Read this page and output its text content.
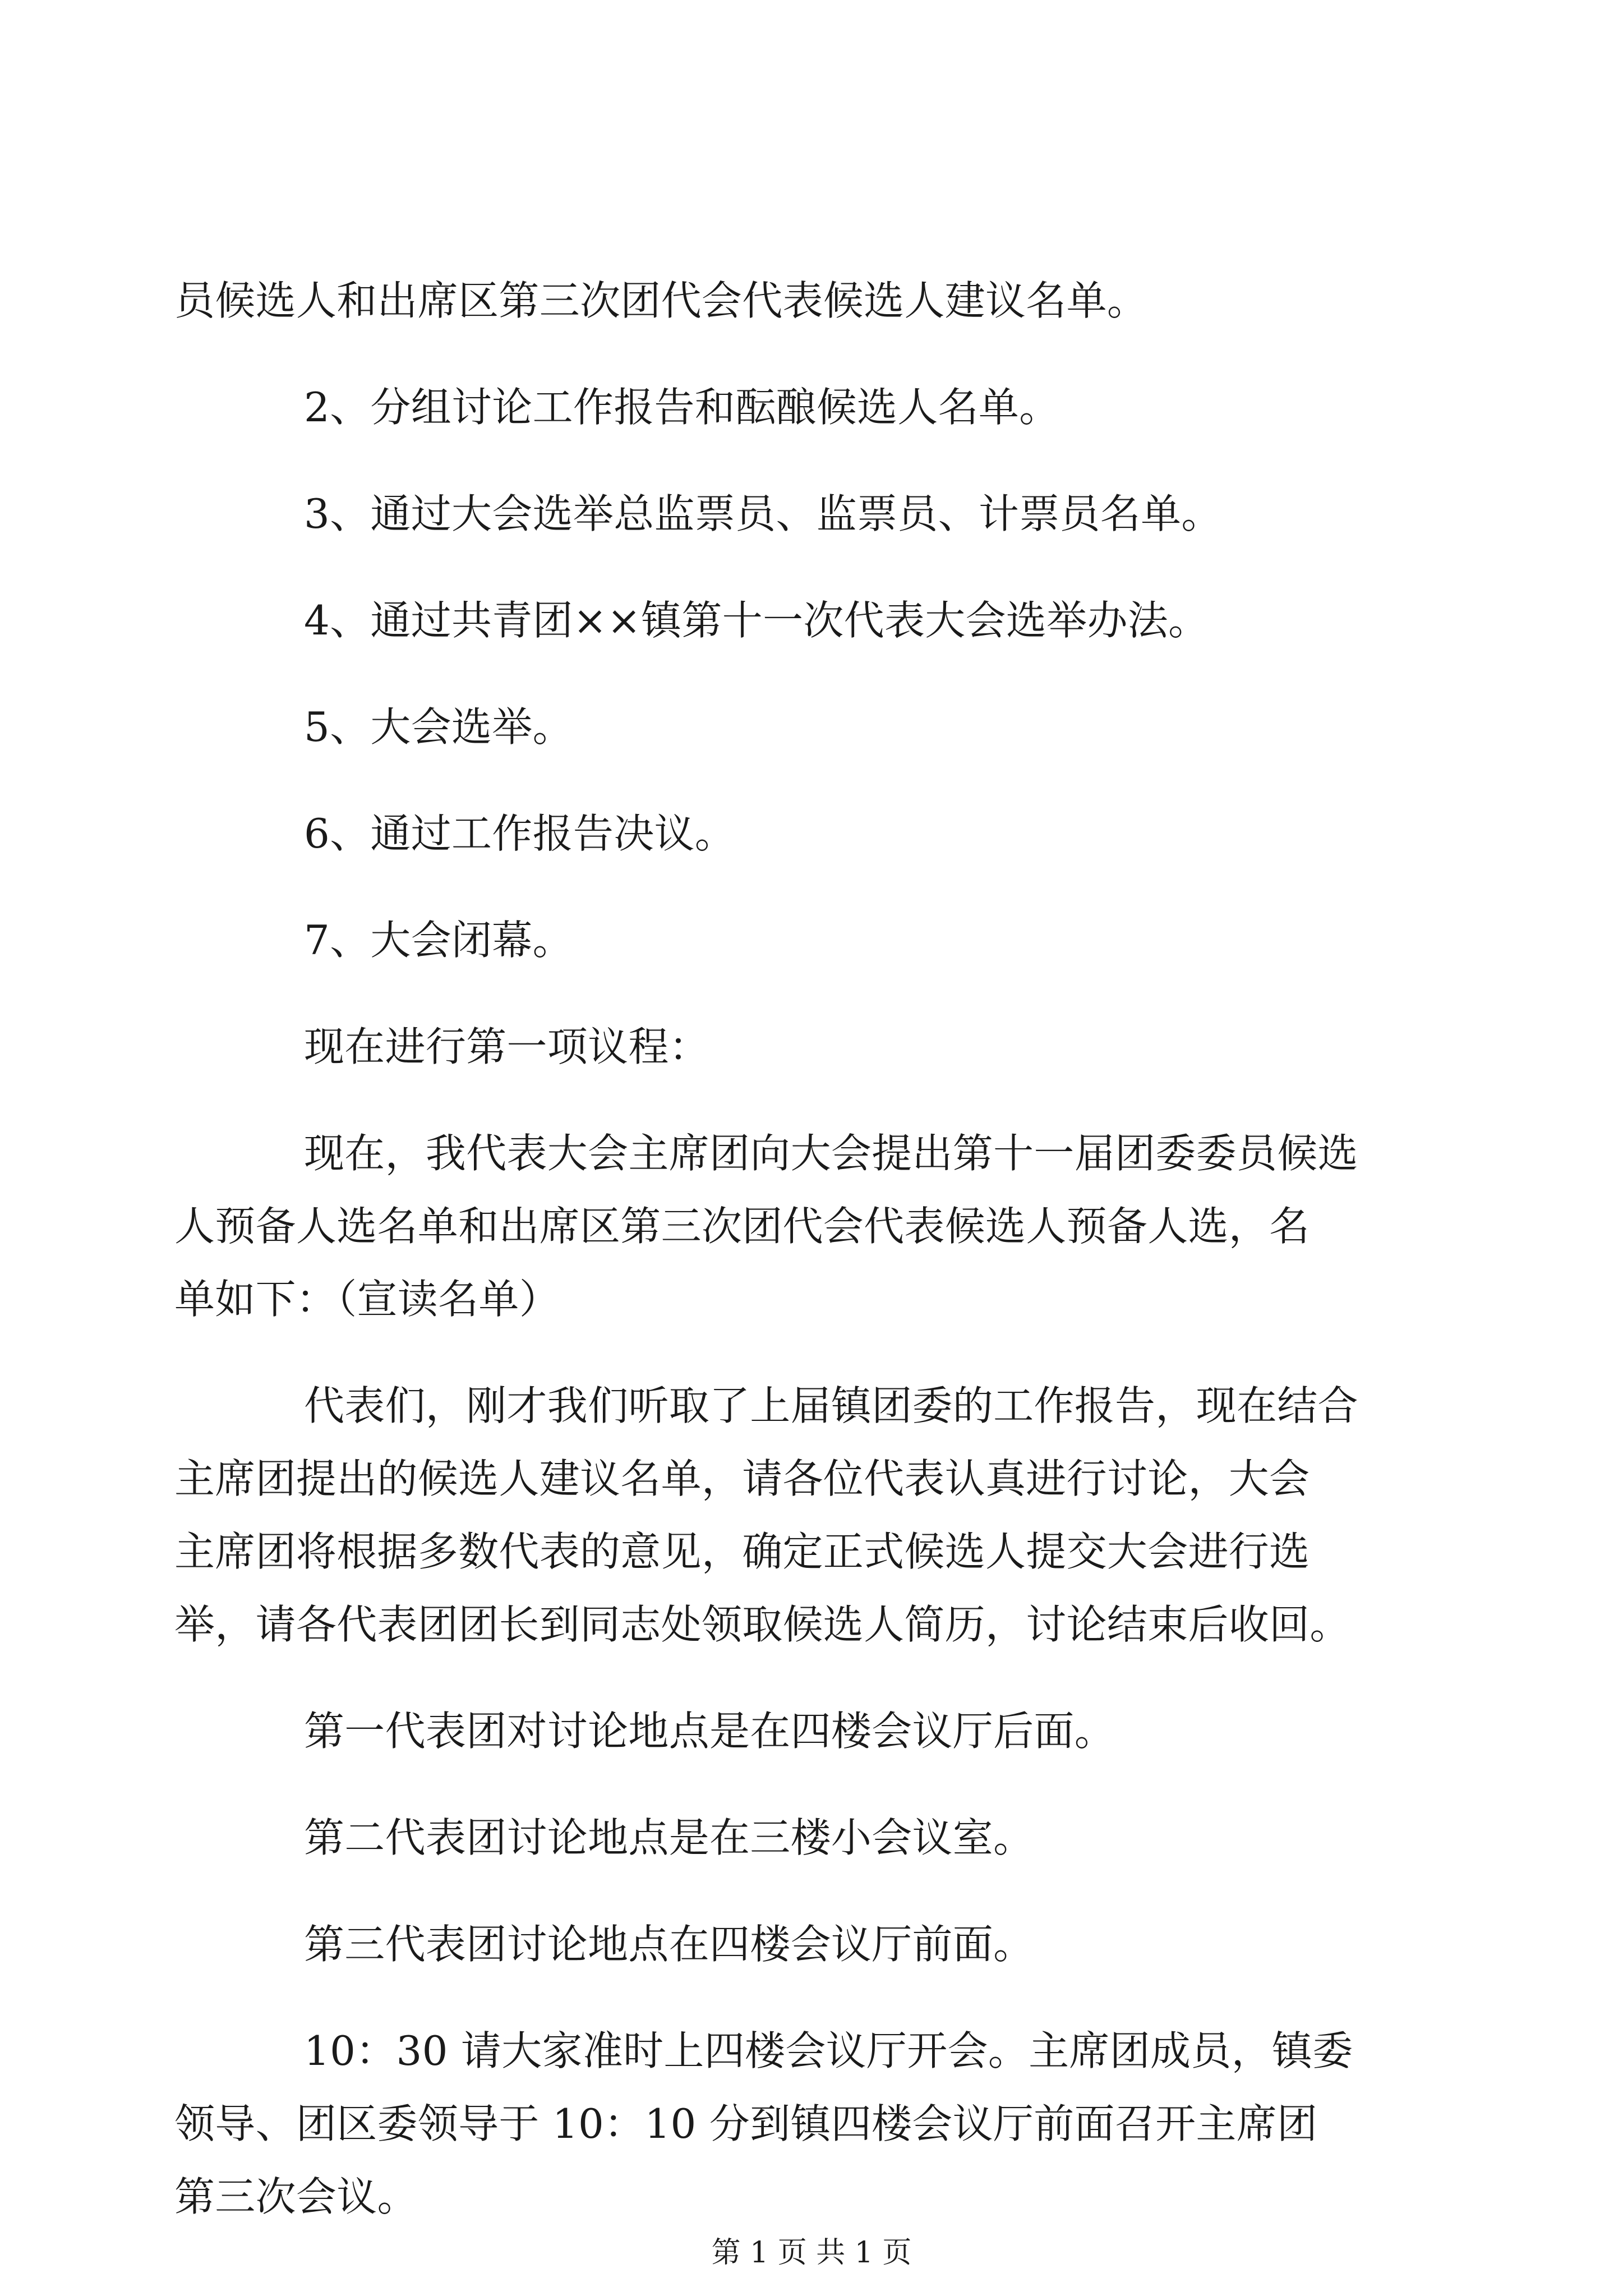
员候选人和出席区第三次团代会代表候选人建议名单。
2、分组讨论工作报告和酝酿候选人名单。
3、通过大会选举总监票员、监票员、计票员名单。
4、通过共青团××镇第十一次代表大会选举办法。
5、大会选举。
6、通过工作报告决议。
7、大会闭幕。
现在进行第一项议程：
现在，我代表大会主席团向大会提出第十一届团委委员候选
人预备人选名单和出席区第三次团代会代表候选人预备人选，名
单如下：（宣读名单）
代表们，刚才我们听取了上届镇团委的工作报告，现在结合
主席团提出的候选人建议名单，请各位代表认真进行讨论，大会
主席团将根据多数代表的意见，确定正式候选人提交大会进行选
举，请各代表团团长到同志处领取候选人简历，讨论结束后收回。
第一代表团对讨论地点是在四楼会议厅后面。
第二代表团讨论地点是在三楼小会议室。
第三代表团讨论地点在四楼会议厅前面。
10：30 请大家准时上四楼会议厅开会。主席团成员，镇委
领导、团区委领导于 10：10 分到镇四楼会议厅前面召开主席团
第三次会议。
第 1 页 共 1 页
